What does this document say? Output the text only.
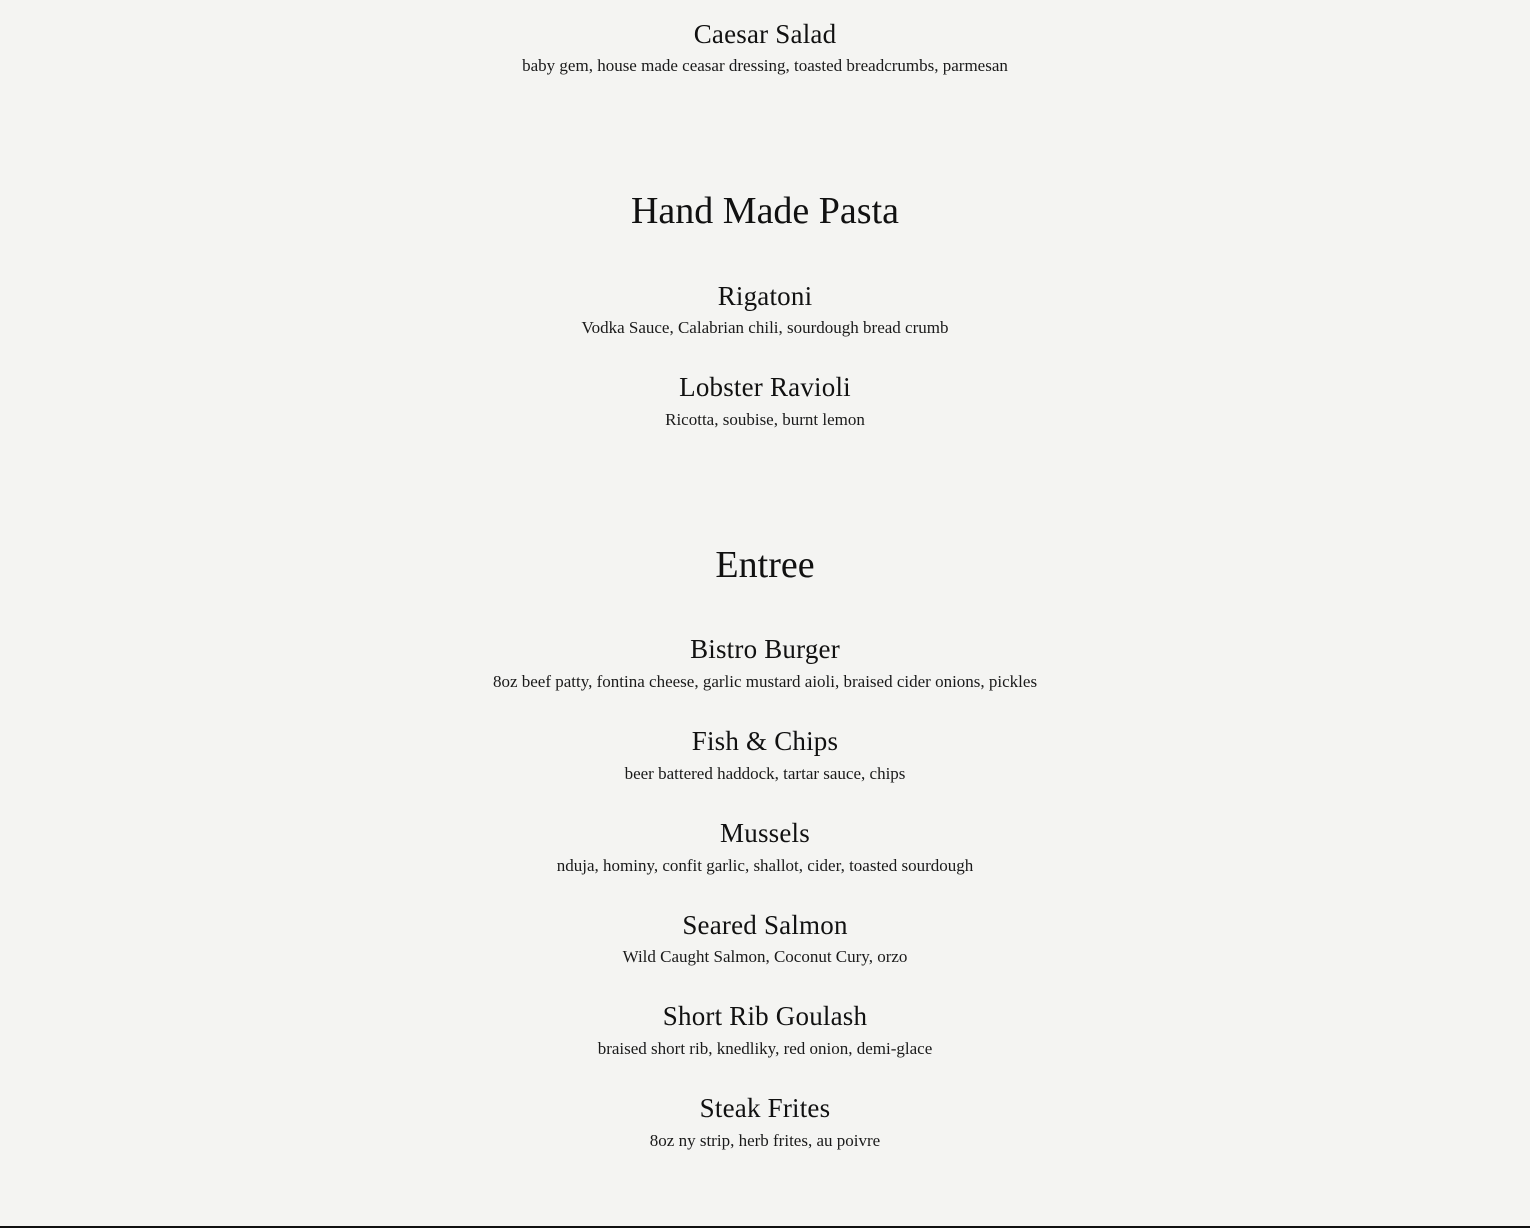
Caesar Salad

baby gem, house made ceasar dressing, toasted breadcrumbs, parmesan

Hand Made Pasta
Rigatoni

Vodka Sauce, Calabrian chili, sourdough bread crumb

Lobster Ravioli

Ricotta, soubise, burnt lemon

Entree
Bistro Burger

8oz beef patty, fontina cheese, garlic mustard aioli, braised cider onions, pickles

Fish & Chips

beer battered haddock, tartar sauce, chips

Mussels

nduja, hominy, confit garlic, shallot, cider, toasted sourdough

Seared Salmon

Wild Caught Salmon, Coconut Cury, orzo

Short Rib Goulash

braised short rib, knedliky, red onion, demi-glace

Steak Frites

8oz ny strip, herb frites, au poivre
